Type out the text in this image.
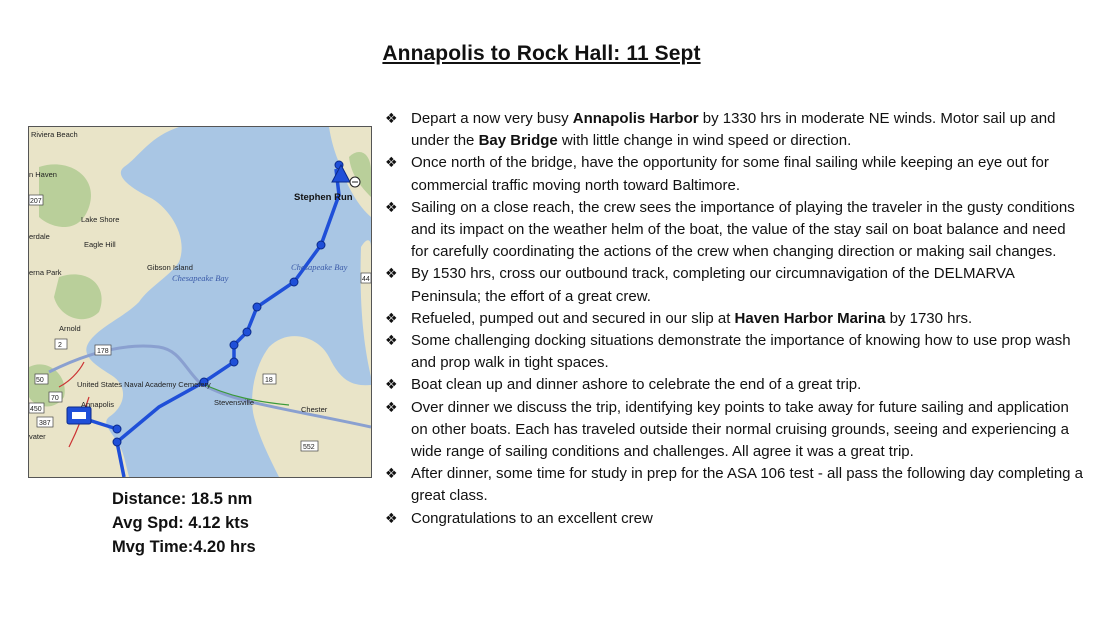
Annapolis to Rock Hall: 11 Sept
207
2
178
50	18
70
450
387
552
44
Riviera Beach
n Haven
Lake Shore
erdale
Eagle Hill
Gibson Island
Chesapeake Bay
Chesapeake Bay
erna Park
Arnold
United States Naval Academy Cemetery
Annapolis
vater
Stevensville
Chester
Stephen Run
Distance: 18.5 nm
Avg Spd: 4.12 kts
Mvg Time:4.20 hrs
❖ Depart a now very busy Annapolis Harbor by 1330 hrs in moderate NE winds. Motor sail up and under the Bay Bridge with little change in wind speed or direction.
❖ Once north of the bridge, have the opportunity for some final sailing while keeping an eye out for commercial traffic moving north toward Baltimore.
❖ Sailing on a close reach, the crew sees the importance of playing the traveler in the gusty conditions and its impact on the weather helm of the boat, the value of the stay sail on boat balance and need for carefully coordinating the actions of the crew when changing direction or making sail changes.
❖ By 1530 hrs, cross our outbound track, completing our circumnavigation of the DELMARVA Peninsula; the effort of a great crew.
❖ Refueled, pumped out and secured in our slip at Haven Harbor Marina by 1730 hrs.
❖ Some challenging docking situations demonstrate the importance of knowing how to use prop wash and prop walk in tight spaces.
❖ Boat clean up and dinner ashore to celebrate the end of a great trip.
❖ Over dinner we discuss the trip, identifying key points to take away for future sailing and application on other boats. Each has traveled outside their normal cruising grounds, seeing and experiencing a wide range of sailing conditions and challenges. All agree it was a great trip.
❖ After dinner, some time for study in prep for the ASA 106 test - all pass the following day completing a great class.
❖ Congratulations to an excellent crew
